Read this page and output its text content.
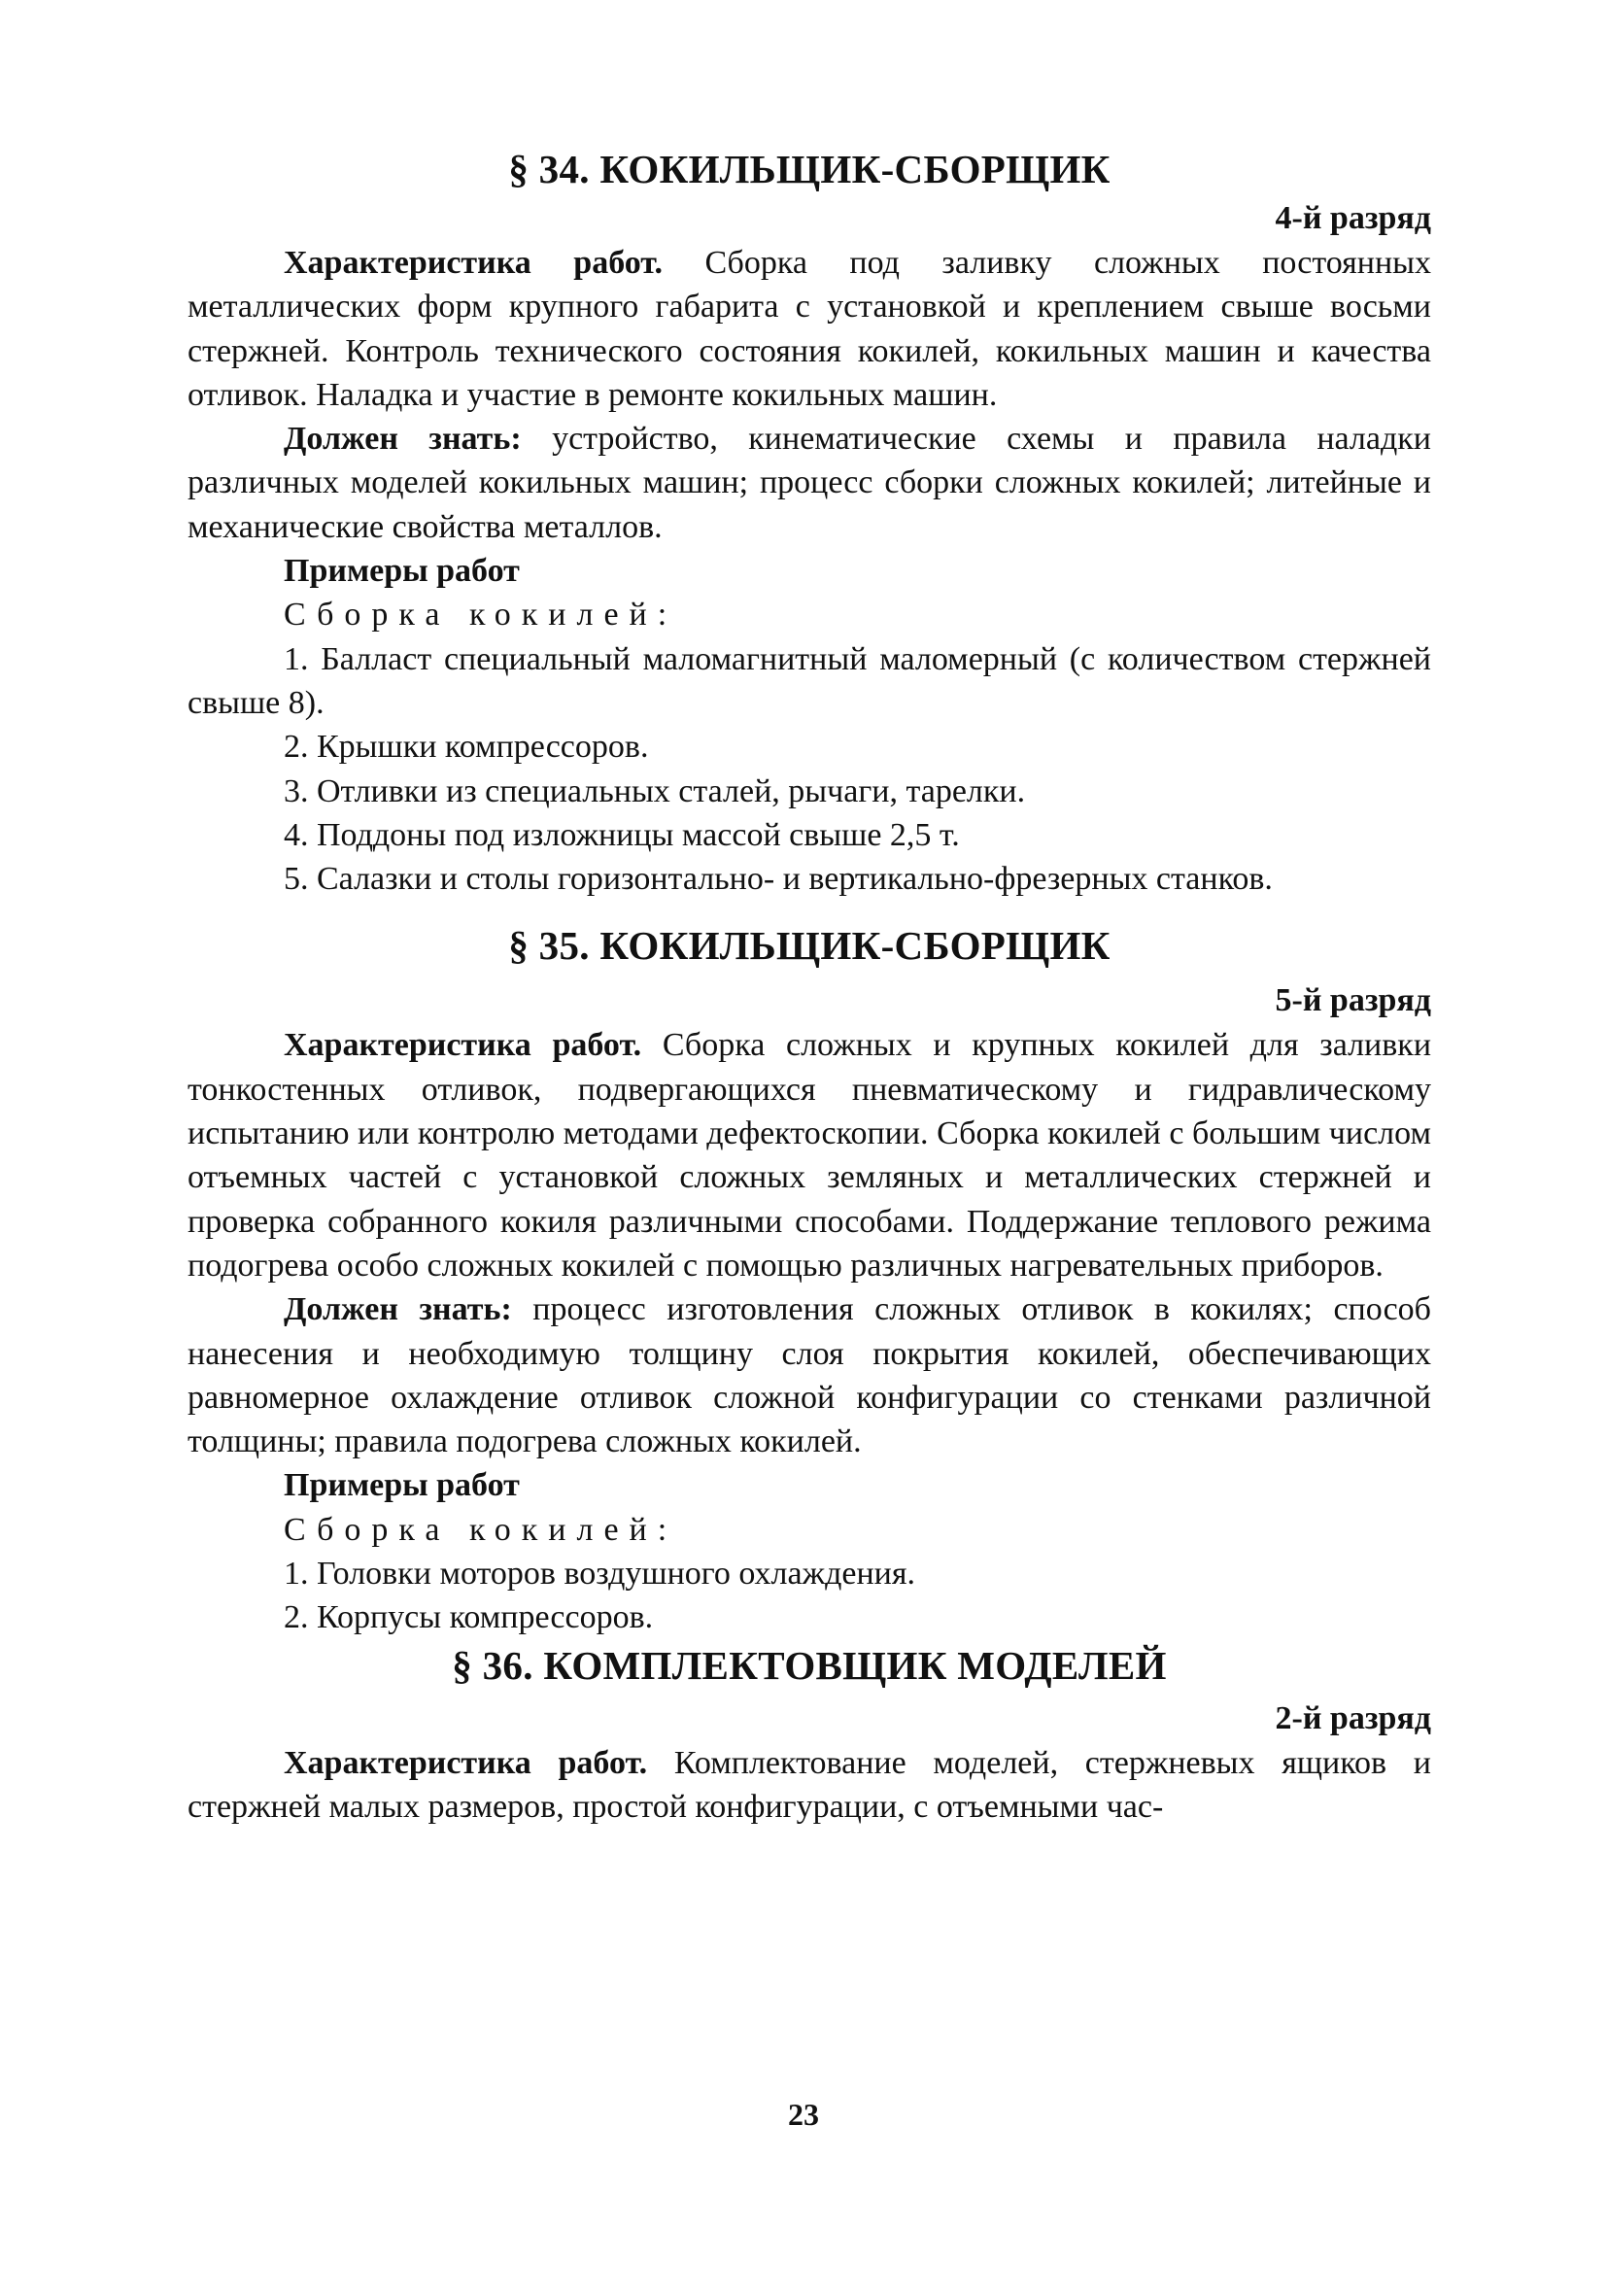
§ 34. КОКИЛЬЩИК-СБОРЩИК
4-й разряд

Характеристика работ. Сборка под заливку сложных постоянных металлических форм крупного габарита с установкой и креплением свыше восьми стержней. Контроль технического состояния кокилей, кокильных машин и качества отливок. Наладка и участие в ремонте кокильных машин.

Должен знать: устройство, кинематические схемы и правила наладки различных моделей кокильных машин; процесс сборки сложных кокилей; литейные и механические свойства металлов.

Примеры работ

Сборка кокилей:

1. Балласт специальный маломагнитный маломерный (с количеством стержней свыше 8).

2. Крышки компрессоров.

3. Отливки из специальных сталей, рычаги, тарелки.

4. Поддоны под изложницы массой свыше 2,5 т.

5. Салазки и столы горизонтально- и вертикально-фрезерных станков.

§ 35. КОКИЛЬЩИК-СБОРЩИК
5-й разряд

Характеристика работ. Сборка сложных и крупных кокилей для заливки тонкостенных отливок, подвергающихся пневматическому и гидравлическому испытанию или контролю методами дефектоскопии. Сборка кокилей с большим числом отъемных частей с установкой сложных земляных и металлических стержней и проверка собранного кокиля различными способами. Поддержание теплового режима подогрева особо сложных кокилей с помощью различных нагревательных приборов.

Должен знать: процесс изготовления сложных отливок в кокилях; способ нанесения и необходимую толщину слоя покрытия кокилей, обеспечивающих равномерное охлаждение отливок сложной конфигурации со стенками различной толщины; правила подогрева сложных кокилей.

Примеры работ

Сборка кокилей:

1. Головки моторов воздушного охлаждения.

2. Корпусы компрессоров.

§ 36. КОМПЛЕКТОВЩИК МОДЕЛЕЙ
2-й разряд

Характеристика работ. Комплектование моделей, стержневых ящиков и стержней малых размеров, простой конфигурации, с отъемными час-

23
